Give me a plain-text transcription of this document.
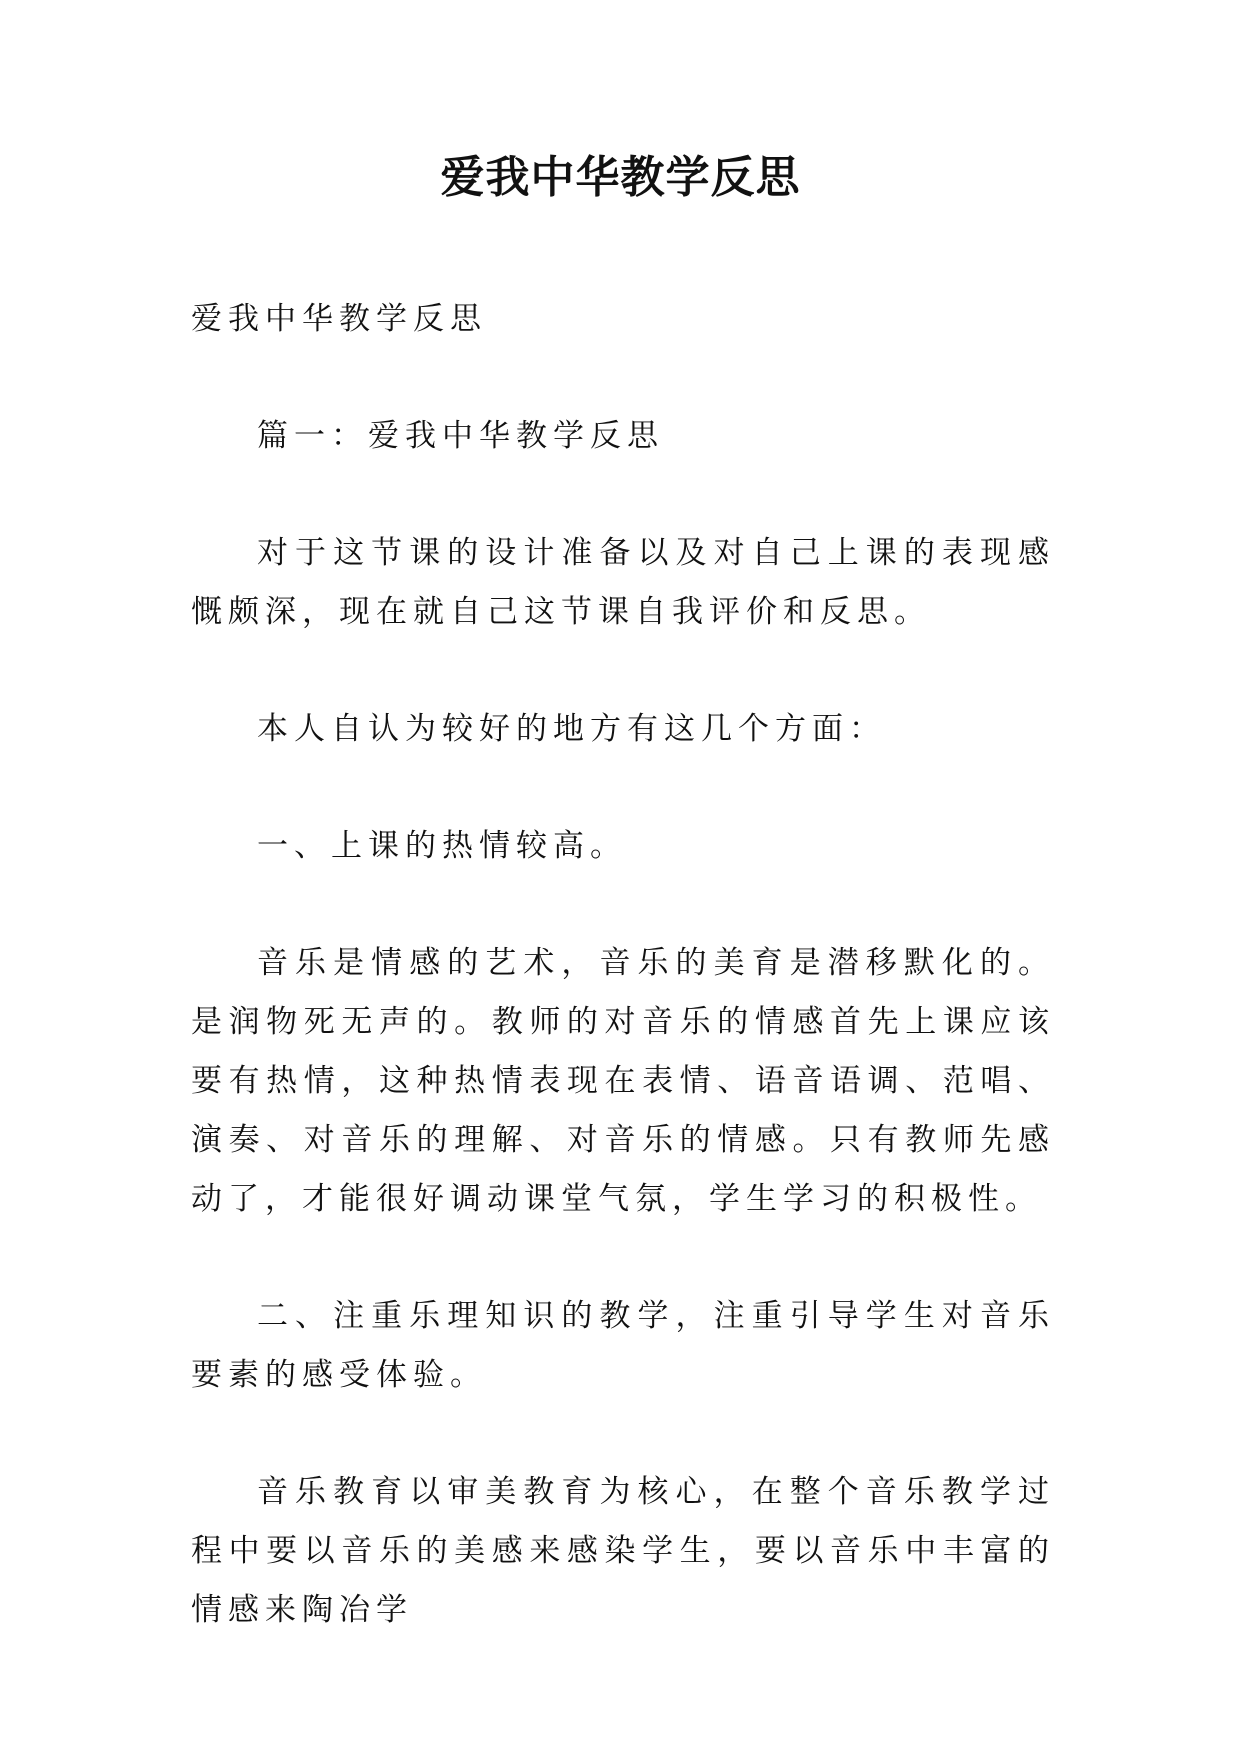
爱我中华教学反思

爱我中华教学反思

篇一：爱我中华教学反思

对于这节课的设计准备以及对自己上课的表现感慨颇深，现在就自己这节课自我评价和反思。

本人自认为较好的地方有这几个方面：

一、上课的热情较高。

音乐是情感的艺术，音乐的美育是潜移默化的。是润物死无声的。教师的对音乐的情感首先上课应该要有热情，这种热情表现在表情、语音语调、范唱、演奏、对音乐的理解、对音乐的情感。只有教师先感动了，才能很好调动课堂气氛，学生学习的积极性。

二、注重乐理知识的教学，注重引导学生对音乐要素的感受体验。

音乐教育以审美教育为核心，在整个音乐教学过程中要以音乐的美感来感染学生，要以音乐中丰富的情感来陶冶学
